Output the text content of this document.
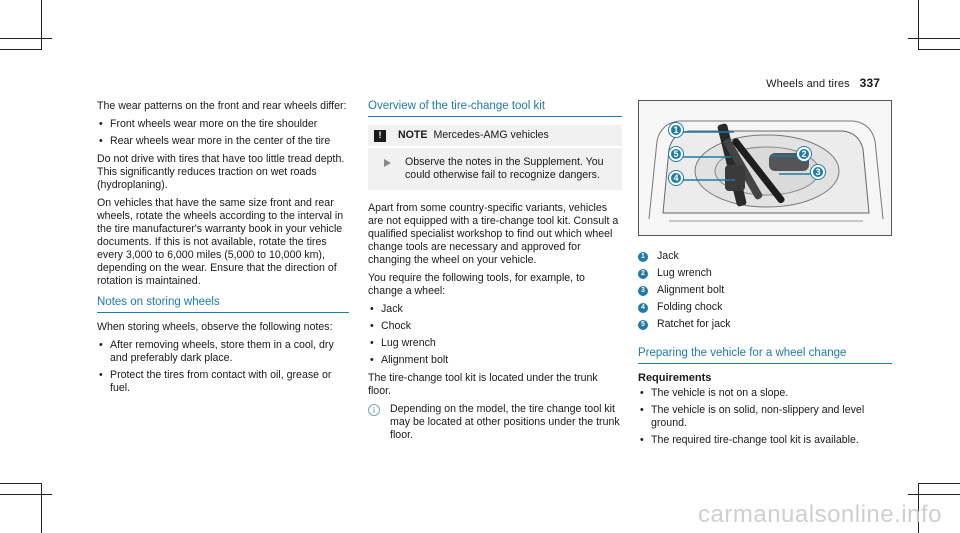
Wheels and tires 337

The wear patterns on the front and rear wheels differ:

• Front wheels wear more on the tire shoulder
• Rear wheels wear more in the center of the tire

Do not drive with tires that have too little tread depth. This significantly reduces traction on wet roads (hydroplaning).

On vehicles that have the same size front and rear wheels, rotate the wheels according to the interval in the tire manufacturer's warranty book in your vehicle documents. If this is not available, rotate the tires every 3,000 to 6,000 miles (5,000 to 10,000 km), depending on the wear. Ensure that the direction of rotation is maintained.

Notes on storing wheels

When storing wheels, observe the following notes:

• After removing wheels, store them in a cool, dry and preferably dark place.
• Protect the tires from contact with oil, grease or fuel.
Overview of the tire-change tool kit
!	NOTE Mercedes-AMG vehicles
Observe the notes in the Supplement. You could otherwise fail to recognize dangers.

Apart from some country-specific variants, vehicles are not equipped with a tire-change tool kit. Consult a qualified specialist workshop to find out which wheel change tools are necessary and approved for changing the wheel on your vehicle.

You require the following tools, for example, to change a wheel:

• Jack
• Chock
• Lug wrench
• Alignment bolt

The tire-change tool kit is located under the trunk floor.

i	Depending on the model, the tire change tool kit may be located at other positions under the trunk floor.
1
5
4
2
3
1 Jack
2 Lug wrench
3 Alignment bolt
4 Folding chock
5 Ratchet for jack
Preparing the vehicle for a wheel change
Requirements
• The vehicle is not on a slope.
• The vehicle is on solid, non-slippery and level ground.
• The required tire-change tool kit is available.
carmanualsonline.info
